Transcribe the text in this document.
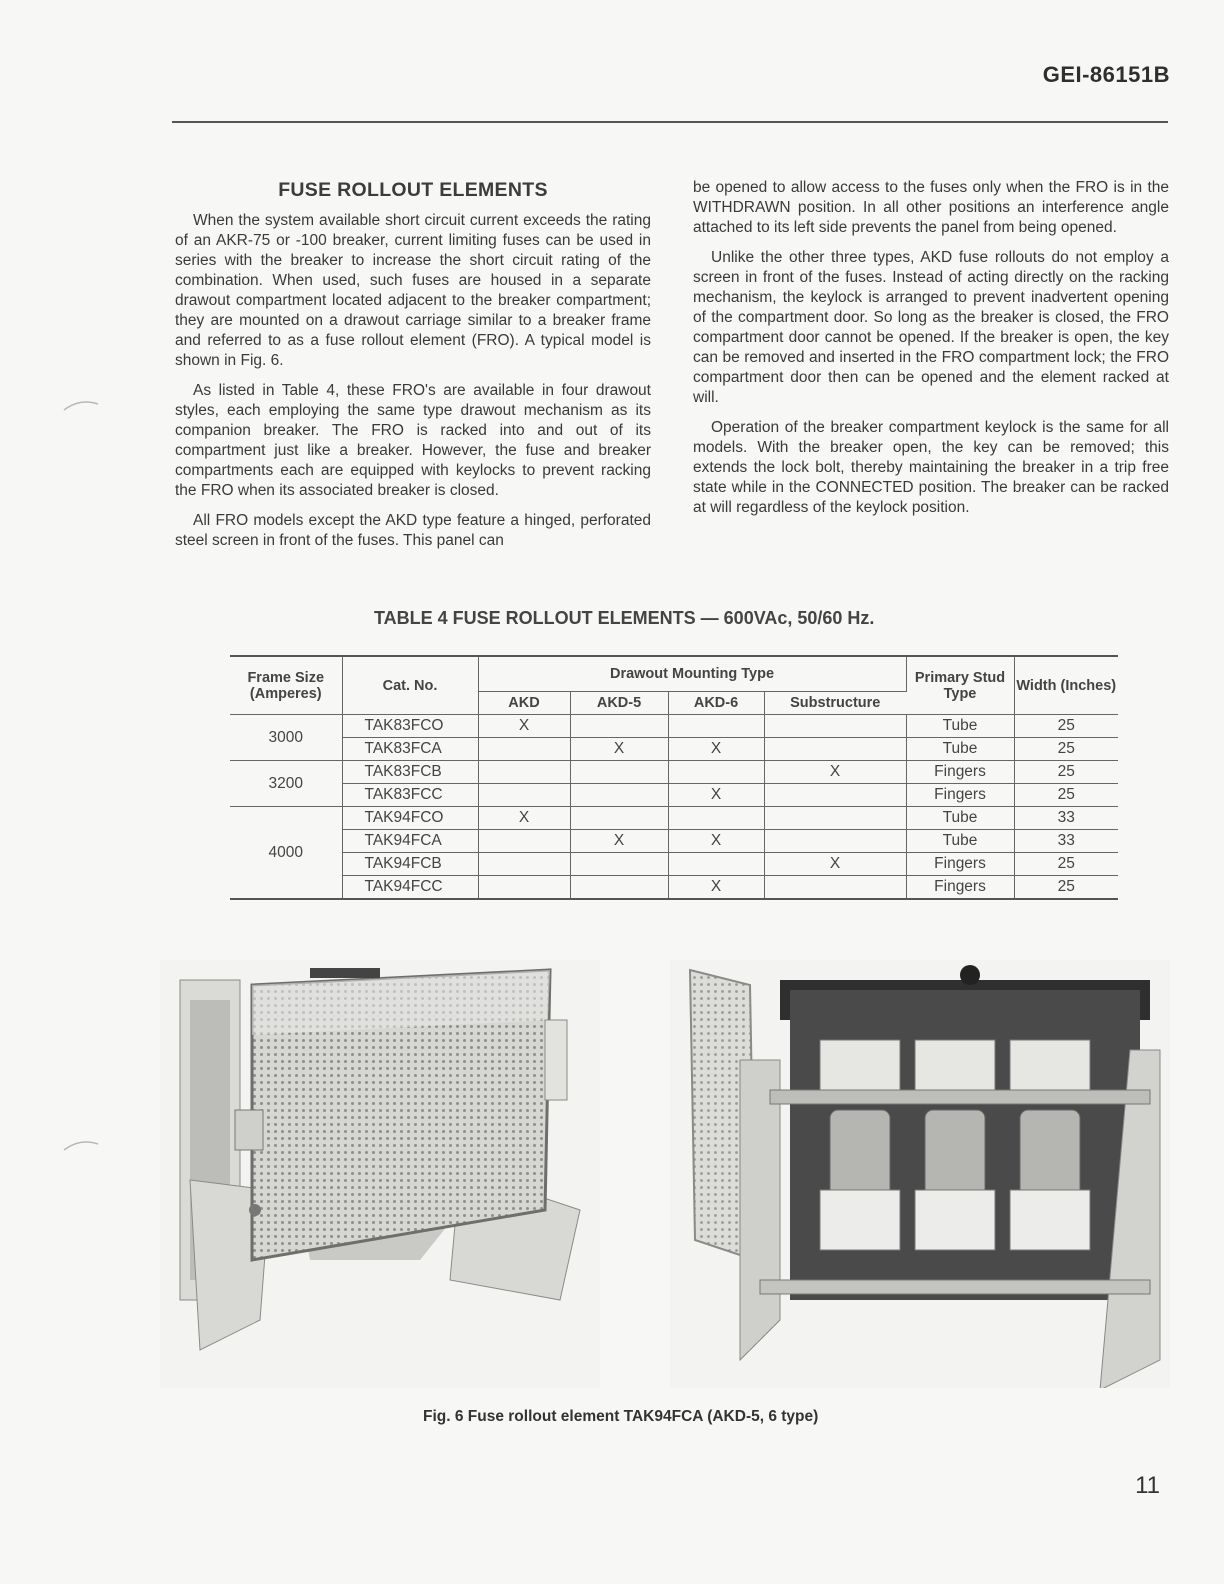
GEI-86151B
FUSE ROLLOUT ELEMENTS

When the system available short circuit current exceeds the rating of an AKR-75 or -100 breaker, current limiting fuses can be used in series with the breaker to increase the short circuit rating of the combination. When used, such fuses are housed in a separate drawout compartment located adjacent to the breaker compartment; they are mounted on a drawout carriage similar to a breaker frame and referred to as a fuse rollout element (FRO). A typical model is shown in Fig. 6.

As listed in Table 4, these FRO's are available in four drawout styles, each employing the same type drawout mechanism as its companion breaker. The FRO is racked into and out of its compartment just like a breaker. However, the fuse and breaker compartments each are equipped with keylocks to prevent racking the FRO when its associated breaker is closed.

All FRO models except the AKD type feature a hinged, perforated steel screen in front of the fuses. This panel can

be opened to allow access to the fuses only when the FRO is in the WITHDRAWN position. In all other positions an interference angle attached to its left side prevents the panel from being opened.

Unlike the other three types, AKD fuse rollouts do not employ a screen in front of the fuses. Instead of acting directly on the racking mechanism, the keylock is arranged to prevent inadvertent opening of the compartment door. So long as the breaker is closed, the FRO compartment door cannot be opened. If the breaker is open, the key can be removed and inserted in the FRO compartment lock; the FRO compartment door then can be opened and the element racked at will.

Operation of the breaker compartment keylock is the same for all models. With the breaker open, the key can be removed; this extends the lock bolt, thereby maintaining the breaker in a trip free state while in the CONNECTED position. The breaker can be racked at will regardless of the keylock position.

TABLE 4 FUSE ROLLOUT ELEMENTS — 600VAc, 50/60 Hz.
Frame Size (Amperes)	Cat. No.	Drawout Mounting Type				Primary Stud Type	Width (Inches)
		AKD	AKD-5	AKD-6	Substructure		
3000	TAK83FCO	X				Tube	25
	TAK83FCA		X	X		Tube	25
3200	TAK83FCB				X	Fingers	25
	TAK83FCC			X		Fingers	25
4000	TAK94FCO	X				Tube	33
	TAK94FCA		X	X		Tube	33
	TAK94FCB				X	Fingers	25
	TAK94FCC			X		Fingers	25
Fig. 6 Fuse rollout element TAK94FCA (AKD-5, 6 type)
11
